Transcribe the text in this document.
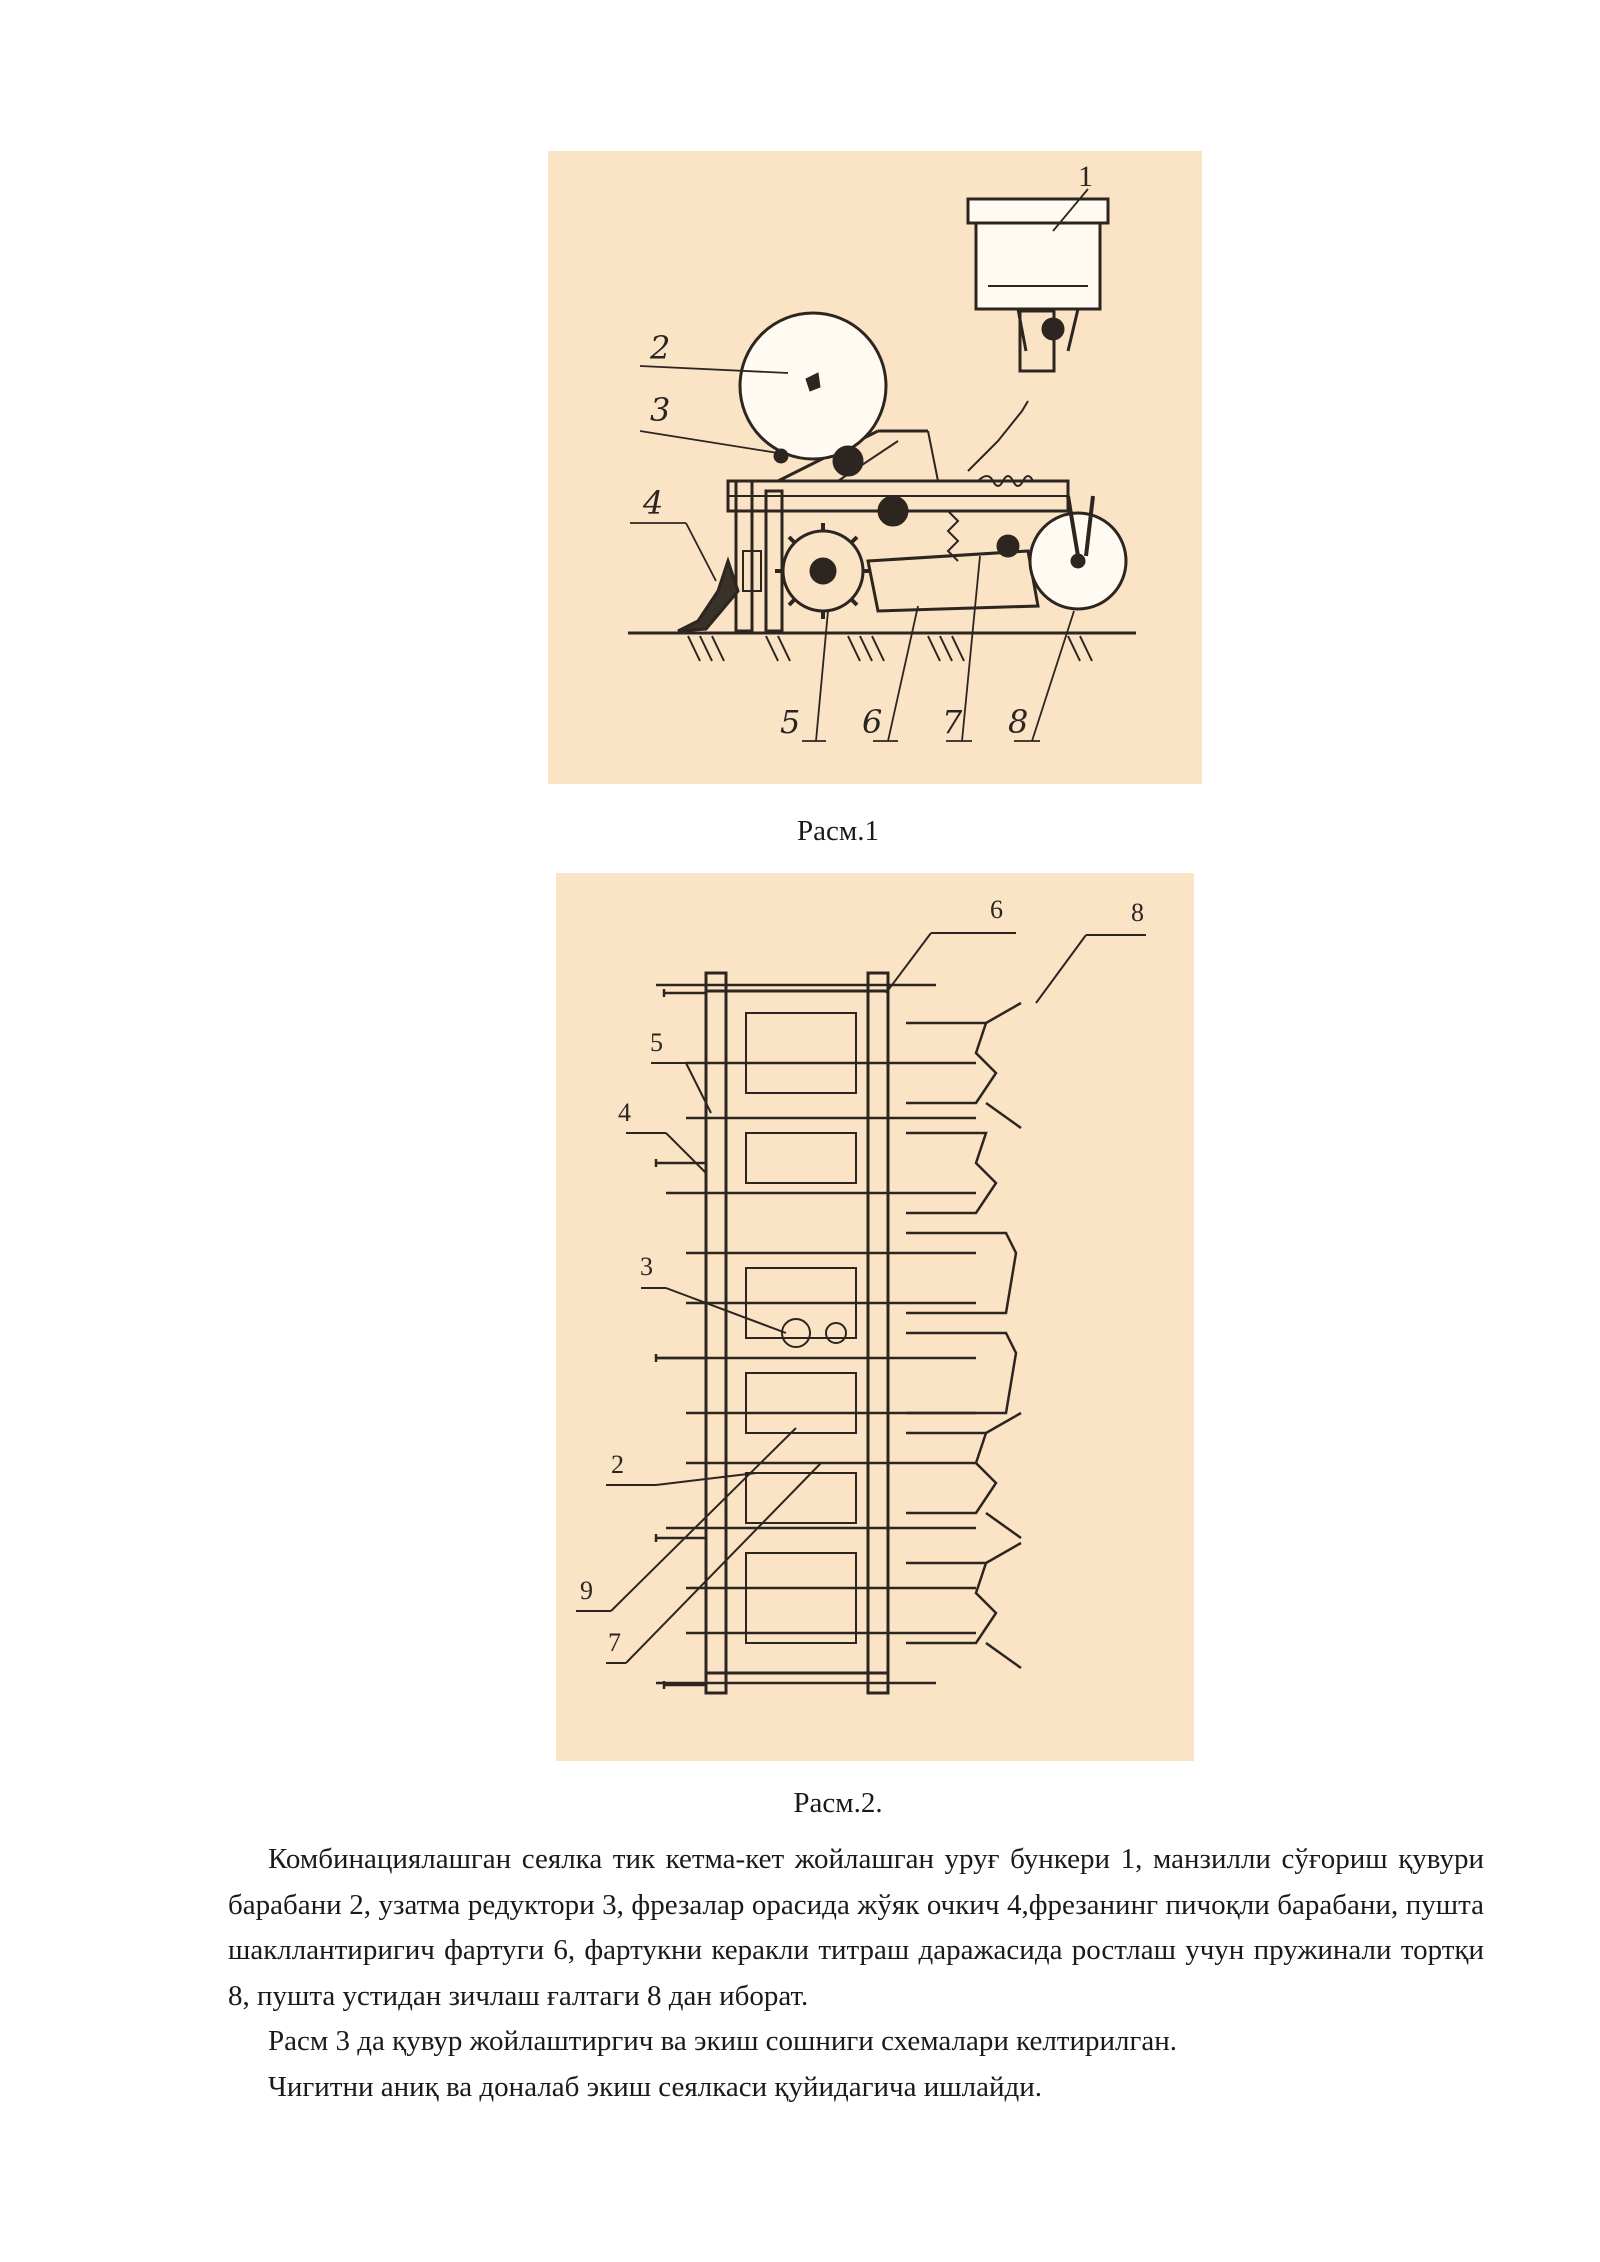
1
2
3
4
5 6 7 8
Расм.1
6	8
5
4
3
2
9
7
Расм.2.

Комбинациялашган сеялка тик кетма-кет жойлашган уруғ бункери 1, манзилли сўғориш қувури барабани 2, узатма редуктори 3, фрезалар орасида жўяк очкич 4,фрезанинг пичоқли барабани, пушта шакллантиригич фартуги 6, фартукни керакли титраш даражасида ростлаш учун пружинали тортқи 8, пушта устидан зичлаш ғалтаги 8 дан иборат.

Расм 3 да қувур жойлаштиргич ва экиш сошниги схемалари келтирилган.

Чигитни аниқ ва доналаб экиш сеялкаси қуйидагича ишлайди.
